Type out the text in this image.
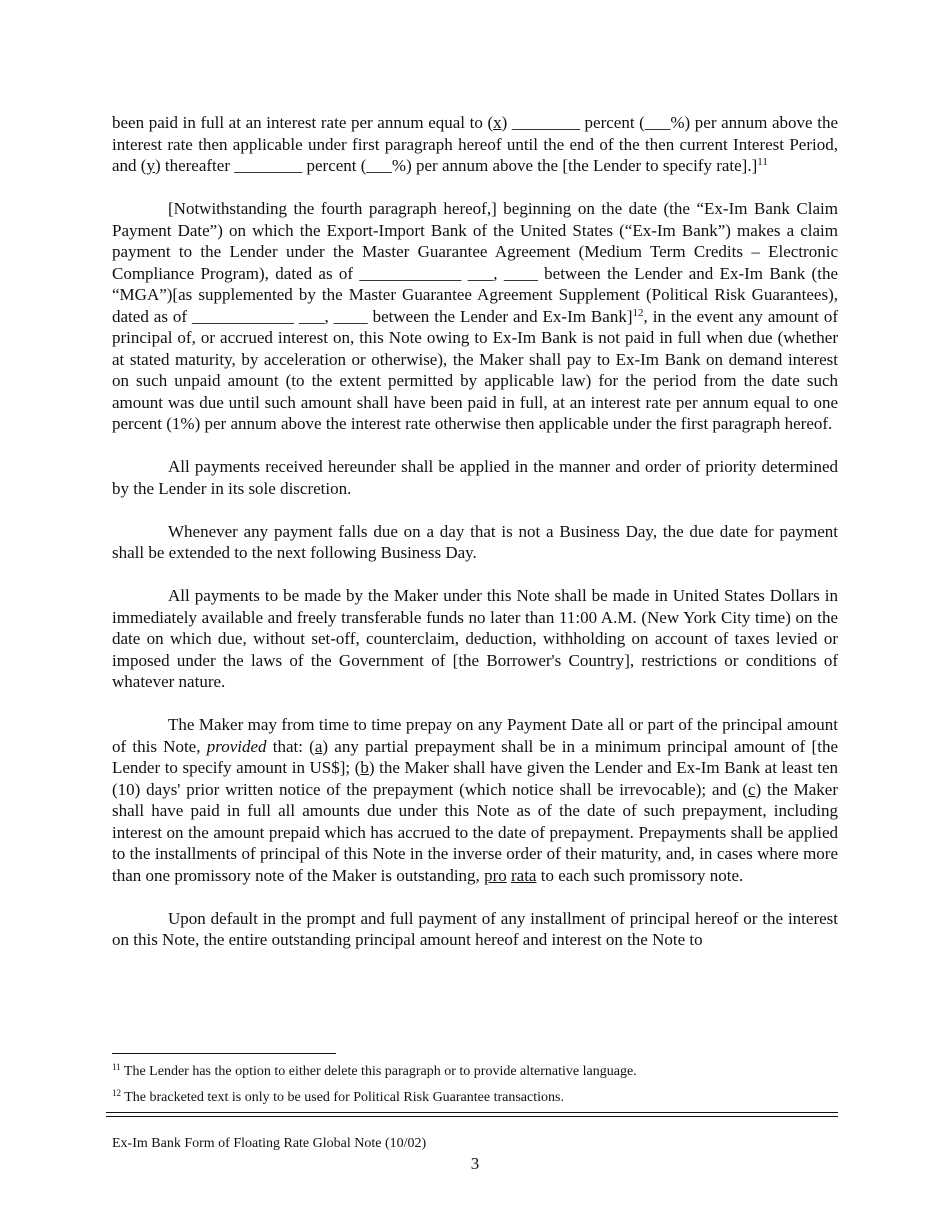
been paid in full at an interest rate per annum equal to (x) ________ percent (___%) per annum above the interest rate then applicable under first paragraph hereof until the end of the then current Interest Period, and (y) thereafter ________ percent (___%) per annum above the [the Lender to specify rate].]$^{11}$

[Notwithstanding the fourth paragraph hereof,] beginning on the date (the “Ex-Im Bank Claim Payment Date”) on which the Export-Import Bank of the United States (“Ex-Im Bank”) makes a claim payment to the Lender under the Master Guarantee Agreement (Medium Term Credits – Electronic Compliance Program), dated as of ____________ ___, ____ between the Lender and Ex-Im Bank (the “MGA”)[as supplemented by the Master Guarantee Agreement Supplement (Political Risk Guarantees), dated as of ____________ ___, ____ between the Lender and Ex-Im Bank]$^{12}$, in the event any amount of principal of, or accrued interest on, this Note owing to Ex-Im Bank is not paid in full when due (whether at stated maturity, by acceleration or otherwise), the Maker shall pay to Ex-Im Bank on demand interest on such unpaid amount (to the extent permitted by applicable law) for the period from the date such amount was due until such amount shall have been paid in full, at an interest rate per annum equal to one percent (1%) per annum above the interest rate otherwise then applicable under the first paragraph hereof.

All payments received hereunder shall be applied in the manner and order of priority determined by the Lender in its sole discretion.

Whenever any payment falls due on a day that is not a Business Day, the due date for payment shall be extended to the next following Business Day.

All payments to be made by the Maker under this Note shall be made in United States Dollars in immediately available and freely transferable funds no later than 11:00 A.M. (New York City time) on the date on which due, without set-off, counterclaim, deduction, withholding on account of taxes levied or imposed under the laws of the Government of [the Borrower's Country], restrictions or conditions of whatever nature.

The Maker may from time to time prepay on any Payment Date all or part of the principal amount of this Note, provided that: (a) any partial prepayment shall be in a minimum principal amount of [the Lender to specify amount in US$]; (b) the Maker shall have given the Lender and Ex-Im Bank at least ten (10) days' prior written notice of the prepayment (which notice shall be irrevocable); and (c) the Maker shall have paid in full all amounts due under this Note as of the date of such prepayment, including interest on the amount prepaid which has accrued to the date of prepayment. Prepayments shall be applied to the installments of principal of this Note in the inverse order of their maturity, and, in cases where more than one promissory note of the Maker is outstanding, pro rata to each such promissory note.

Upon default in the prompt and full payment of any installment of principal hereof or the interest on this Note, the entire outstanding principal amount hereof and interest on the Note to

$^{11}$ The Lender has the option to either delete this paragraph or to provide alternative language.
$^{12}$ The bracketed text is only to be used for Political Risk Guarantee transactions.
Ex-Im Bank Form of Floating Rate Global Note (10/02)
3
